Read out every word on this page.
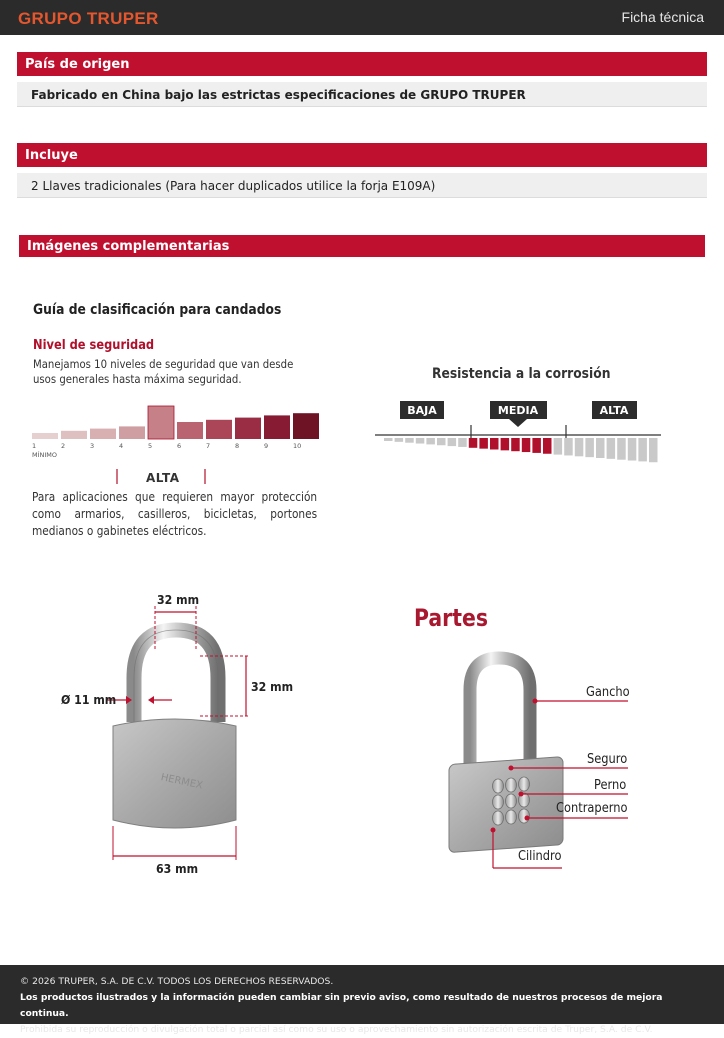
GRUPO TRUPER	Ficha técnica
País de origen
Fabricado en China bajo las estrictas especificaciones de GRUPO TRUPER
Incluye
2 Llaves tradicionales (Para hacer duplicados utilice la forja E109A)
Imágenes complementarias
Guía de clasificación para candados
Nivel de seguridad
Manejamos 10 niveles de seguridad que van desde usos generales hasta máxima seguridad.
ALTA
Para aplicaciones que requieren mayor protección como armarios, casilleros, bicicletas, portones medianos o gabinetes eléctricos.
Resistencia a la corrosión
Partes
1	2	3	4	5	6	7	8	9	10
MÍNIMO
BAJA	MEDIA	ALTA
HERMEX
32 mm
32 mm
Ø 11 mm
63 mm
Gancho
Seguro
Perno
Contraperno
Cilindro
© 2026 TRUPER, S.A. DE C.V. TODOS LOS DERECHOS RESERVADOS.
Los productos ilustrados y la información pueden cambiar sin previo aviso, como resultado de nuestros procesos de mejora continua.
Prohibida su reproducción o divulgación total o parcial así como su uso o aprovechamiento sin autorización escrita de Truper, S.A. de C.V.
